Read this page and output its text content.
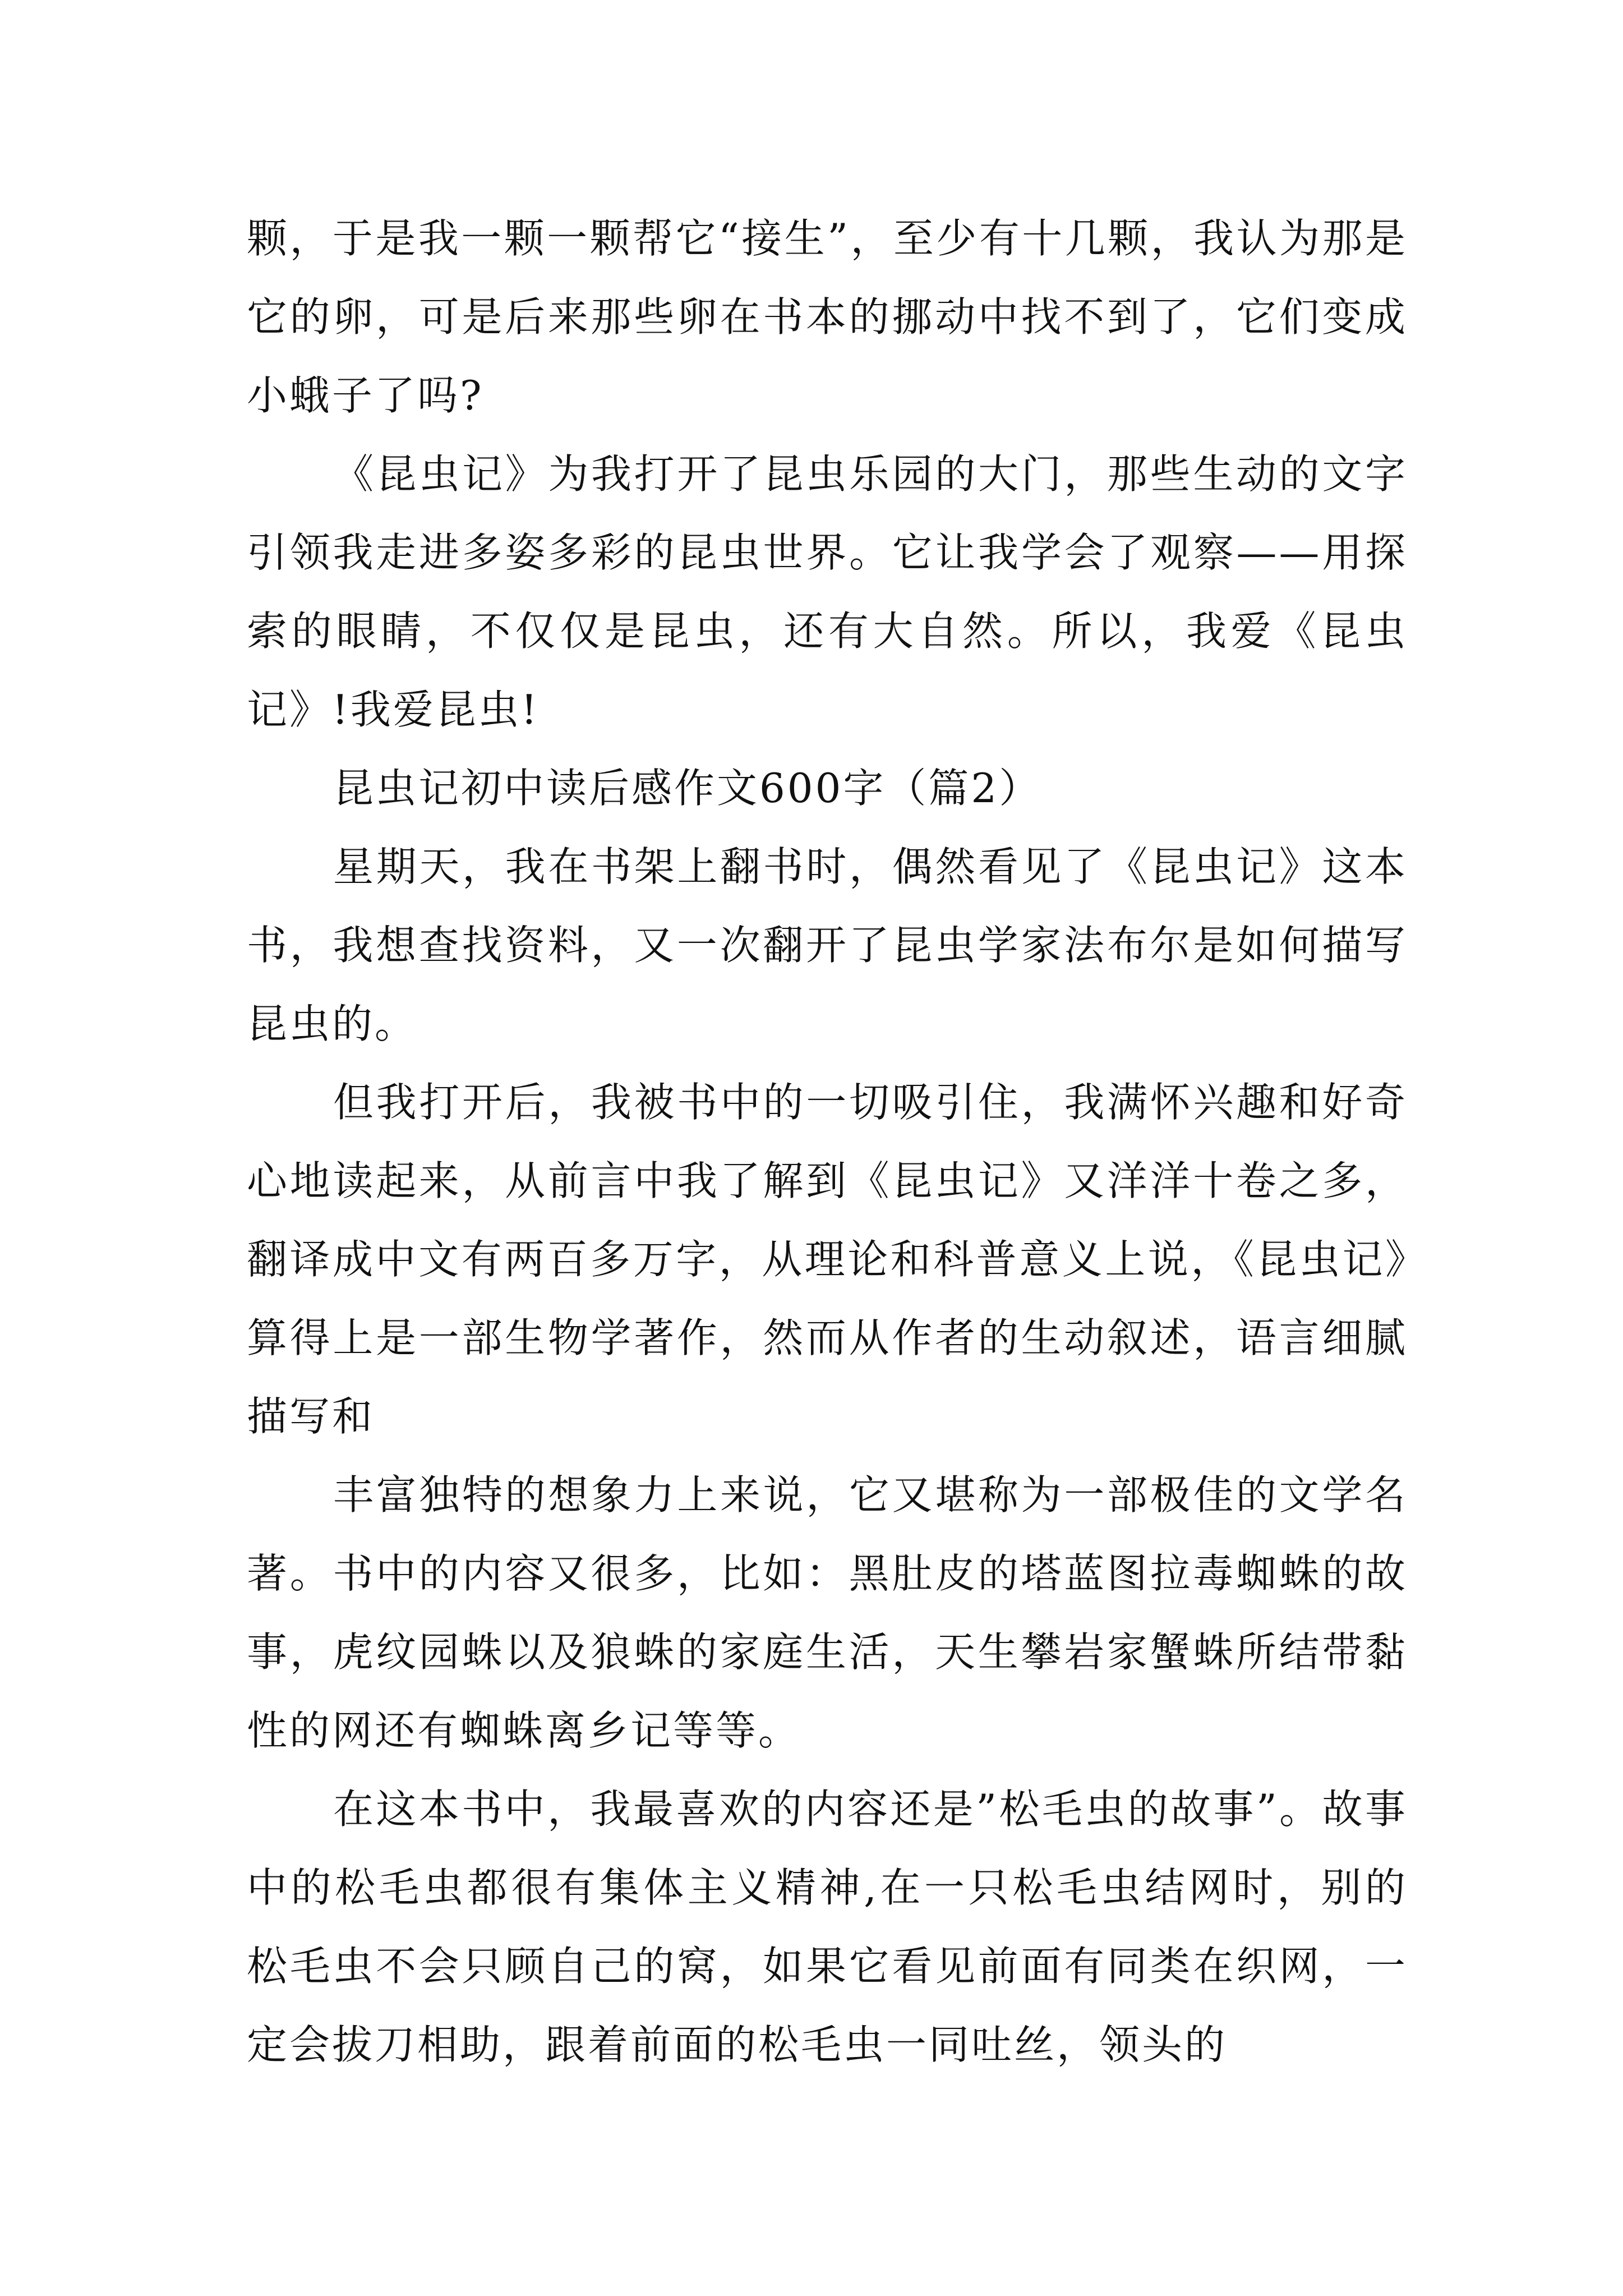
颗，于是我一颗一颗帮它“接生”，至少有十几颗，我认为那是它的卵，可是后来那些卵在书本的挪动中找不到了，它们变成小蛾子了吗?

《昆虫记》为我打开了昆虫乐园的大门，那些生动的文字引领我走进多姿多彩的昆虫世界。它让我学会了观察——用探索的眼睛，不仅仅是昆虫，还有大自然。所以，我爱《昆虫记》!我爱昆虫!

昆虫记初中读后感作文600字（篇2）

星期天，我在书架上翻书时，偶然看见了《昆虫记》这本书，我想查找资料，又一次翻开了昆虫学家法布尔是如何描写昆虫的。

但我打开后，我被书中的一切吸引住，我满怀兴趣和好奇心地读起来，从前言中我了解到《昆虫记》又洋洋十卷之多，翻译成中文有两百多万字，从理论和科普意义上说，《昆虫记》算得上是一部生物学著作，然而从作者的生动叙述，语言细腻描写和

丰富独特的想象力上来说，它又堪称为一部极佳的文学名著。书中的内容又很多，比如：黑肚皮的塔蓝图拉毒蜘蛛的故事，虎纹园蛛以及狼蛛的家庭生活，天生攀岩家蟹蛛所结带黏性的网还有蜘蛛离乡记等等。

在这本书中，我最喜欢的内容还是”松毛虫的故事”。故事中的松毛虫都很有集体主义精神,在一只松毛虫结网时，别的松毛虫不会只顾自己的窝，如果它看见前面有同类在织网，一定会拔刀相助，跟着前面的松毛虫一同吐丝，领头的
